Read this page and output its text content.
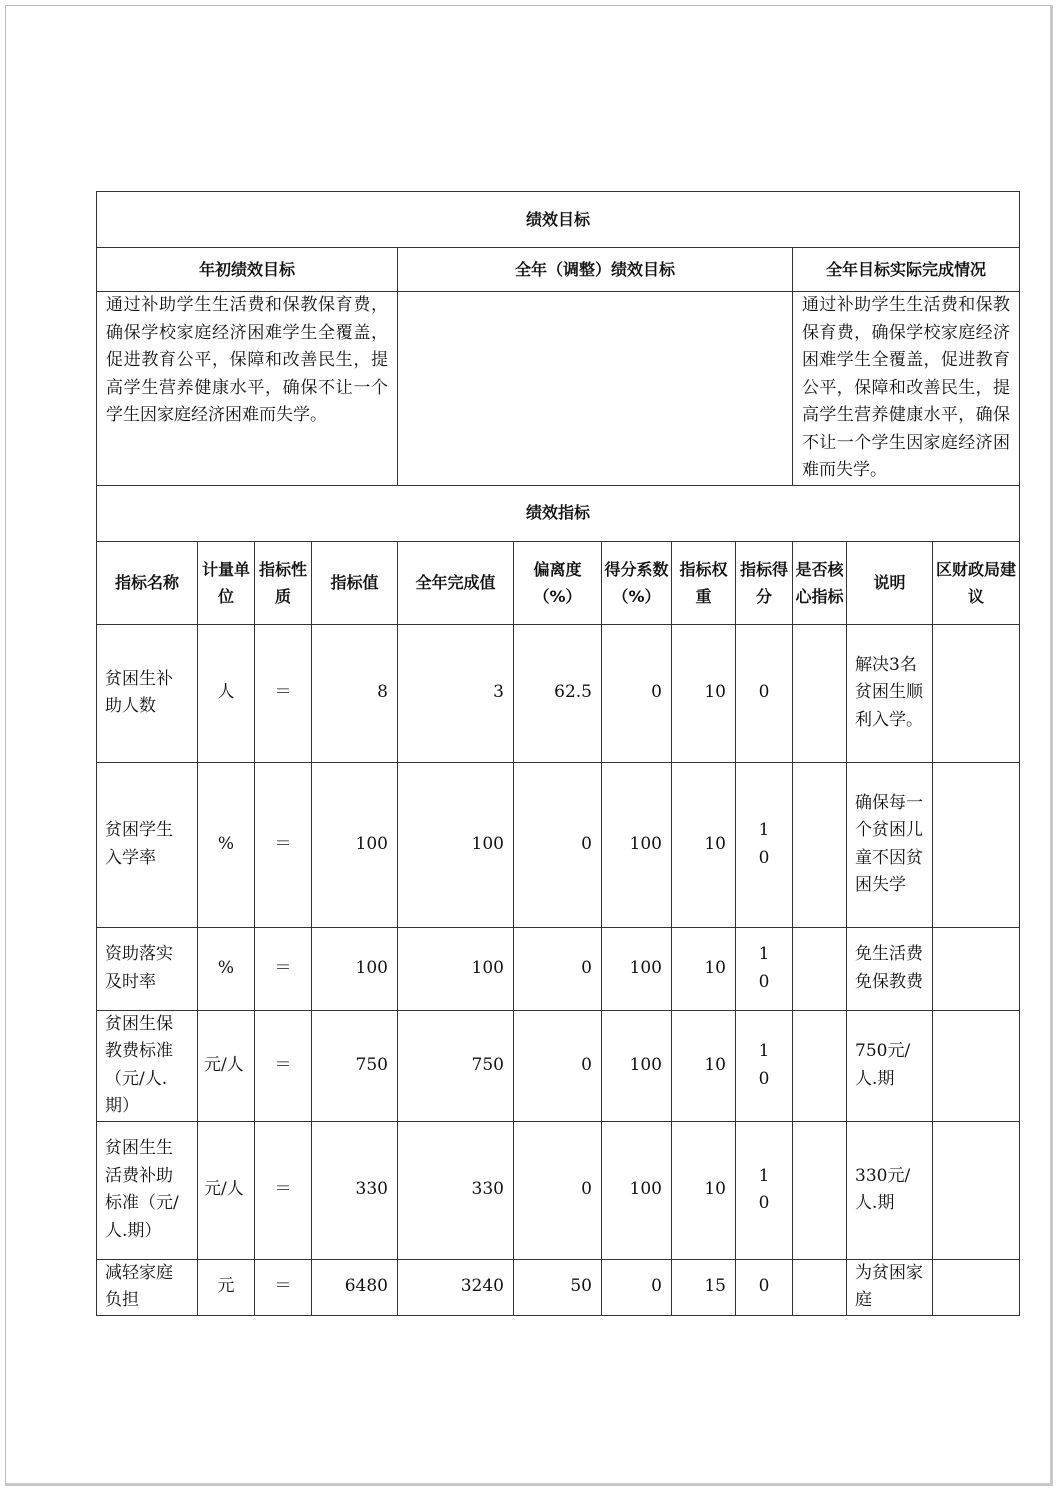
绩效目标											
年初绩效目标				全年（调整）绩效目标					全年目标实际完成情况		
通过补助学生生活费和保教保育费，确保学校家庭经济困难学生全覆盖，促进教育公平，保障和改善民生，提高学生营养健康水平，确保不让一个学生因家庭经济困难而失学。									通过补助学生生活费和保教保育费，确保学校家庭经济困难学生全覆盖，促进教育公平，保障和改善民生，提高学生营养健康水平，确保不让一个学生因家庭经济困难而失学。		
绩效指标											
指标名称	计量单位	指标性质	指标值	全年完成值	偏离度（%）	得分系数（%）	指标权重	指标得分	是否核心指标	说明	区财政局建议
贫困生补助人数	人	＝	8	3	62.5	0	10	0		解决3名贫困生顺利入学。	
贫困学生入学率	%	＝	100	100	0	100	10	10		确保每一个贫困儿童不因贫困失学	
资助落实及时率	%	＝	100	100	0	100	10	10		免生活费免保教费	
贫困生保教费标准（元/人.期）	元/人	＝	750	750	0	100	10	10		750元/人.期	
贫困生生活费补助标准（元/人.期）	元/人	＝	330	330	0	100	10	10		330元/人.期	
减轻家庭负担	元	＝	6480	3240	50	0	15	0		为贫困家庭	
